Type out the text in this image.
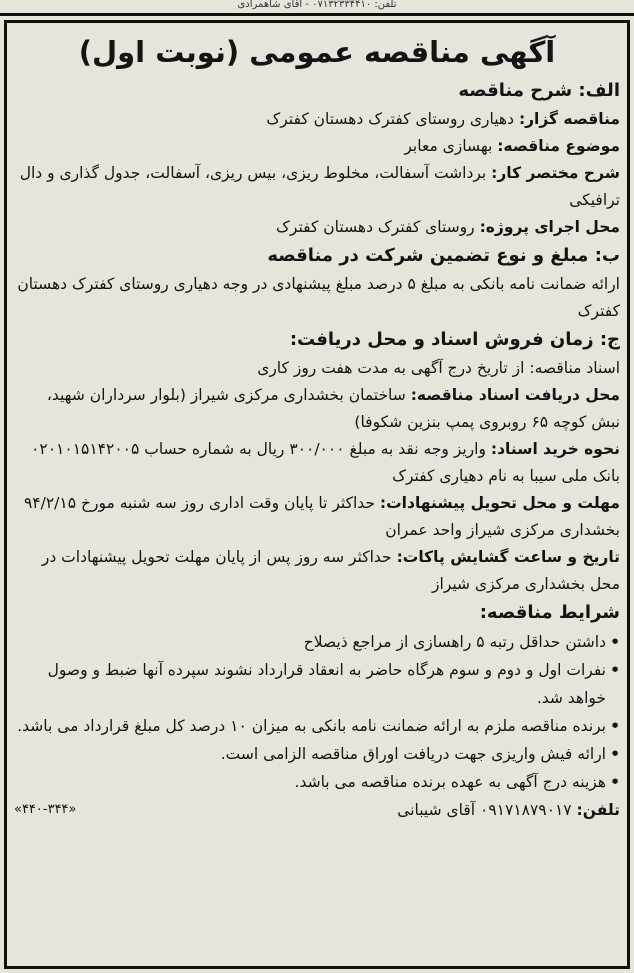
تلفن: ۰۷۱۳۲۳۳۴۴۱۰ - آقای شاهمرادی
آگهی مناقصه عمومی (نوبت اول)
الف: شرح مناقصه
مناقصه گزار: دهیاری روستای کفترک دهستان کفترک
موضوع مناقصه: بهسازی معابر
شرح مختصر کار: برداشت آسفالت، مخلوط ریزی، بیس ریزی، آسفالت، جدول گذاری و دال ترافیکی
محل اجرای پروژه: روستای کفترک دهستان کفترک
ب: مبلغ و نوع تضمین شرکت در مناقصه
ارائه ضمانت نامه بانکی به مبلغ ۵ درصد مبلغ پیشنهادی در وجه دهیاری روستای کفترک دهستان کفترک
ج: زمان فروش اسناد و محل دریافت:
اسناد مناقصه: از تاریخ درج آگهی به مدت هفت روز کاری
محل دریافت اسناد مناقصه: ساختمان بخشداری مرکزی شیراز (بلوار سرداران شهید، نبش کوچه ۶۵ روبروی پمپ بنزین شکوفا)
نحوه خرید اسناد: واریز وجه نقد به مبلغ ۳۰۰/۰۰۰ ریال به شماره حساب ۰۲۰۱۰۱۵۱۴۲۰۰۵ بانک ملی سیبا به نام دهیاری کفترک
مهلت و محل تحویل پیشنهادات: حداکثر تا پایان وقت اداری روز سه شنبه مورخ ۹۴/۲/۱۵ بخشداری مرکزی شیراز واحد عمران
تاریخ و ساعت گشایش پاکات: حداکثر سه روز پس از پایان مهلت تحویل پیشنهادات در محل بخشداری مرکزی شیراز
شرایط مناقصه:
• داشتن حداقل رتبه ۵ راهسازی از مراجع ذیصلاح
• نفرات اول و دوم و سوم هرگاه حاضر به انعقاد قرارداد نشوند سپرده آنها ضبط و وصول خواهد شد.
• برنده مناقصه ملزم به ارائه ضمانت نامه بانکی به میزان ۱۰ درصد کل مبلغ قرارداد می باشد.
• ارائه فیش واریزی جهت دریافت اوراق مناقصه الزامی است.
• هزینه درج آگهی به عهده برنده مناقصه می باشد.
تلفن: ۰۹۱۷۱۸۷۹۰۱۷ آقای شیبانی
«۴۴۰-۳۴۴»
